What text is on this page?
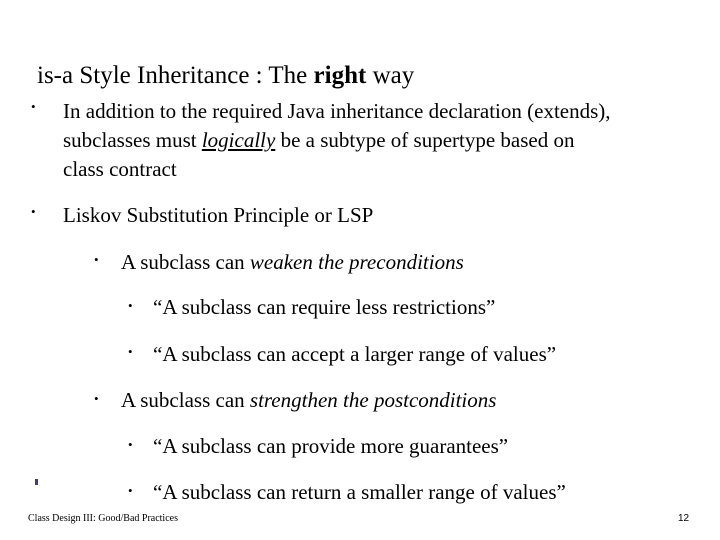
is-a Style Inheritance : The right way
• In addition to the required Java inheritance declaration (extends),
subclasses must logically be a subtype of supertype based on
class contract
• Liskov Substitution Principle or LSP
• A subclass can weaken the preconditions
• “A subclass can require less restrictions”
• “A subclass can accept a larger range of values”
• A subclass can strengthen the postconditions
• “A subclass can provide more guarantees”
• “A subclass can return a smaller range of values”
Class Design III: Good/Bad Practices	12
